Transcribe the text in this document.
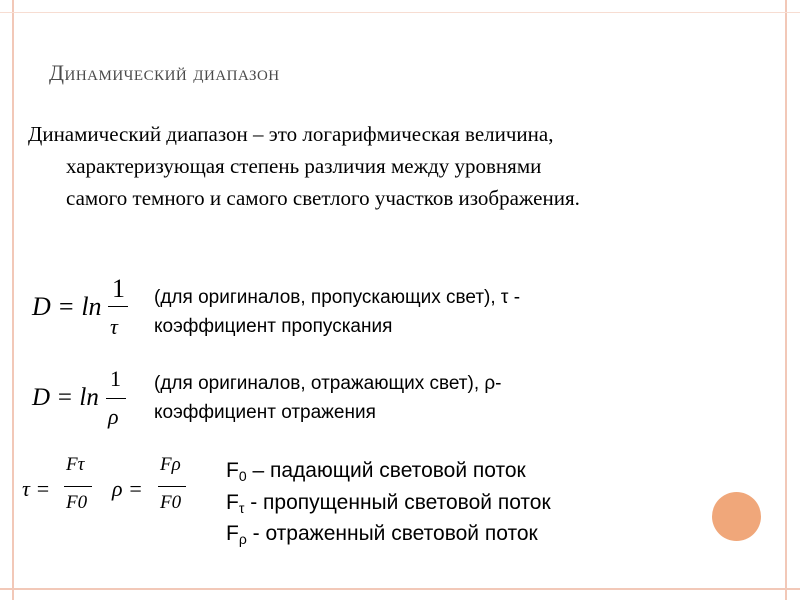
Динамический диапазон
Динамический диапазон – это логарифмическая величина,
характеризующая степень различия между уровнями
самого темного и самого светлого участков изображения.
D = ln
1
τ
(для оригиналов, пропускающих свет), τ -
коэффициент пропускания
D = ln
1
ρ
(для оригиналов, отражающих свет), ρ-
коэффициент отражения
τ =
Fτ
F0
ρ =
Fρ
F0
$F_0$ – падающий световой поток
$F_\tau$ - пропущенный световой поток
$F_\rho$ - отраженный световой поток
